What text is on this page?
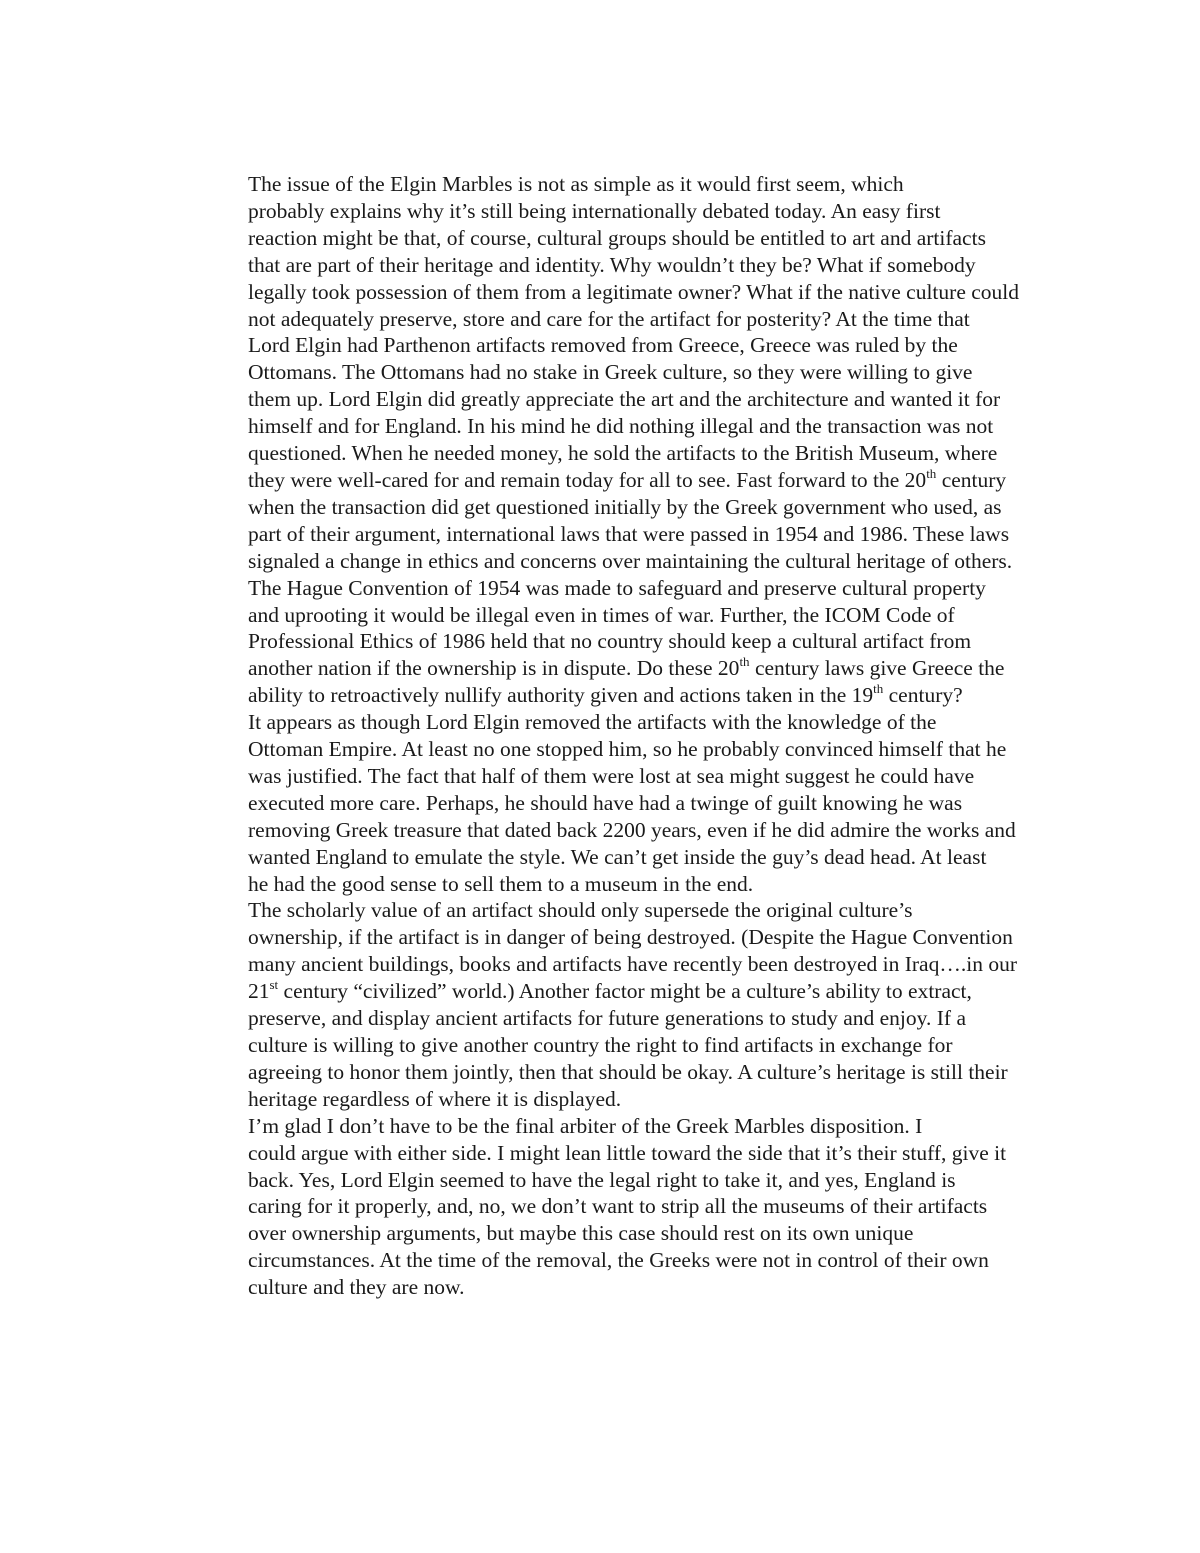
The issue of the Elgin Marbles is not as simple as it would first seem, which
probably explains why it’s still being internationally debated today. An easy first
reaction might be that, of course, cultural groups should be entitled to art and artifacts
that are part of their heritage and identity. Why wouldn’t they be? What if somebody
legally took possession of them from a legitimate owner? What if the native culture could
not adequately preserve, store and care for the artifact for posterity? At the time that
Lord Elgin had Parthenon artifacts removed from Greece, Greece was ruled by the
Ottomans. The Ottomans had no stake in Greek culture, so they were willing to give
them up. Lord Elgin did greatly appreciate the art and the architecture and wanted it for
himself and for England. In his mind he did nothing illegal and the transaction was not
questioned. When he needed money, he sold the artifacts to the British Museum, where
they were well-cared for and remain today for all to see. Fast forward to the 20th century
when the transaction did get questioned initially by the Greek government who used, as
part of their argument, international laws that were passed in 1954 and 1986. These laws
signaled a change in ethics and concerns over maintaining the cultural heritage of others.
The Hague Convention of 1954 was made to safeguard and preserve cultural property
and uprooting it would be illegal even in times of war. Further, the ICOM Code of
Professional Ethics of 1986 held that no country should keep a cultural artifact from
another nation if the ownership is in dispute. Do these 20th century laws give Greece the
ability to retroactively nullify authority given and actions taken in the 19th century?

It appears as though Lord Elgin removed the artifacts with the knowledge of the
Ottoman Empire. At least no one stopped him, so he probably convinced himself that he
was justified. The fact that half of them were lost at sea might suggest he could have
executed more care. Perhaps, he should have had a twinge of guilt knowing he was
removing Greek treasure that dated back 2200 years, even if he did admire the works and
wanted England to emulate the style. We can’t get inside the guy’s dead head. At least
he had the good sense to sell them to a museum in the end.

The scholarly value of an artifact should only supersede the original culture’s
ownership, if the artifact is in danger of being destroyed. (Despite the Hague Convention
many ancient buildings, books and artifacts have recently been destroyed in Iraq….in our
21st century “civilized” world.) Another factor might be a culture’s ability to extract,
preserve, and display ancient artifacts for future generations to study and enjoy. If a
culture is willing to give another country the right to find artifacts in exchange for
agreeing to honor them jointly, then that should be okay. A culture’s heritage is still their
heritage regardless of where it is displayed.

I’m glad I don’t have to be the final arbiter of the Greek Marbles disposition. I
could argue with either side. I might lean little toward the side that it’s their stuff, give it
back. Yes, Lord Elgin seemed to have the legal right to take it, and yes, England is
caring for it properly, and, no, we don’t want to strip all the museums of their artifacts
over ownership arguments, but maybe this case should rest on its own unique
circumstances. At the time of the removal, the Greeks were not in control of their own
culture and they are now.
